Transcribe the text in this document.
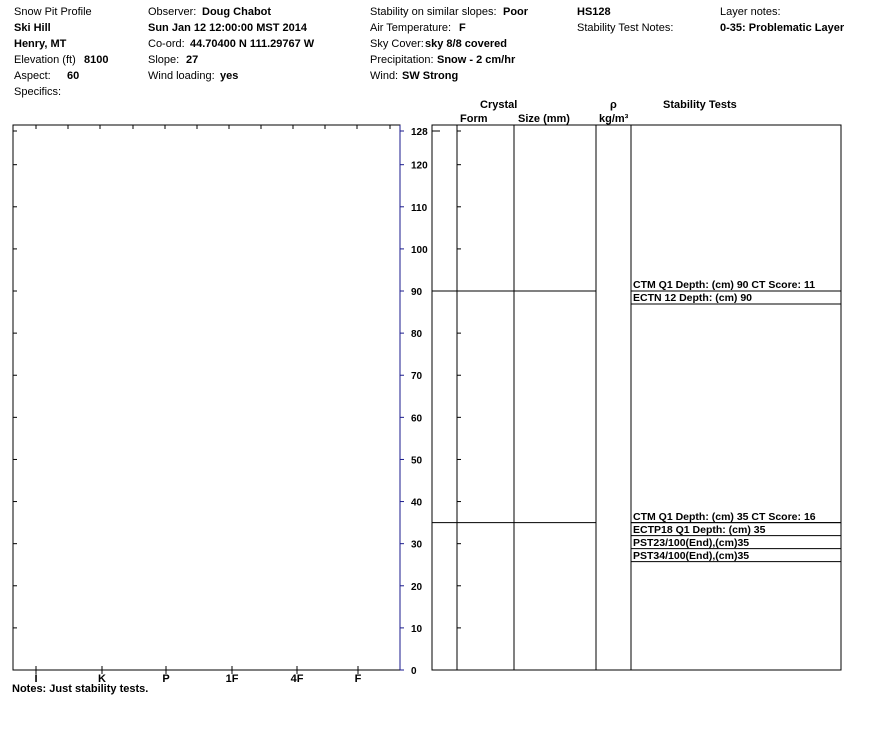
Snow Pit Profile
Ski Hill
Henry, MT
Elevation (ft) 8100
Aspect: 60
Specifics:
Observer: Doug Chabot
Sun Jan 12 12:00:00 MST 2014
Co-ord: 44.70400 N 111.29767 W
Slope: 27
Wind loading: yes
Stability on similar slopes: Poor
Air Temperature: F
Sky Cover: sky 8/8 covered
Precipitation: Snow - 2 cm/hr
Wind: SW Strong
HS128
Stability Test Notes:
Layer notes:
0-35: Problematic Layer
Crystal
Form	Size (mm)
ρ
kg/m³
Stability Tests
0
10
20
30
40
50
60
70
80
90
100
110
120
128
I	K	P	1F	4F	F
CTM Q1 Depth: (cm) 35 CT Score: 16
ECTP18 Q1 Depth: (cm) 35
PST23/100(End),(cm)35
PST34/100(End),(cm)35
CTM Q1 Depth: (cm) 90 CT Score: 11
ECTN 12 Depth: (cm) 90
Notes: Just stability tests.
